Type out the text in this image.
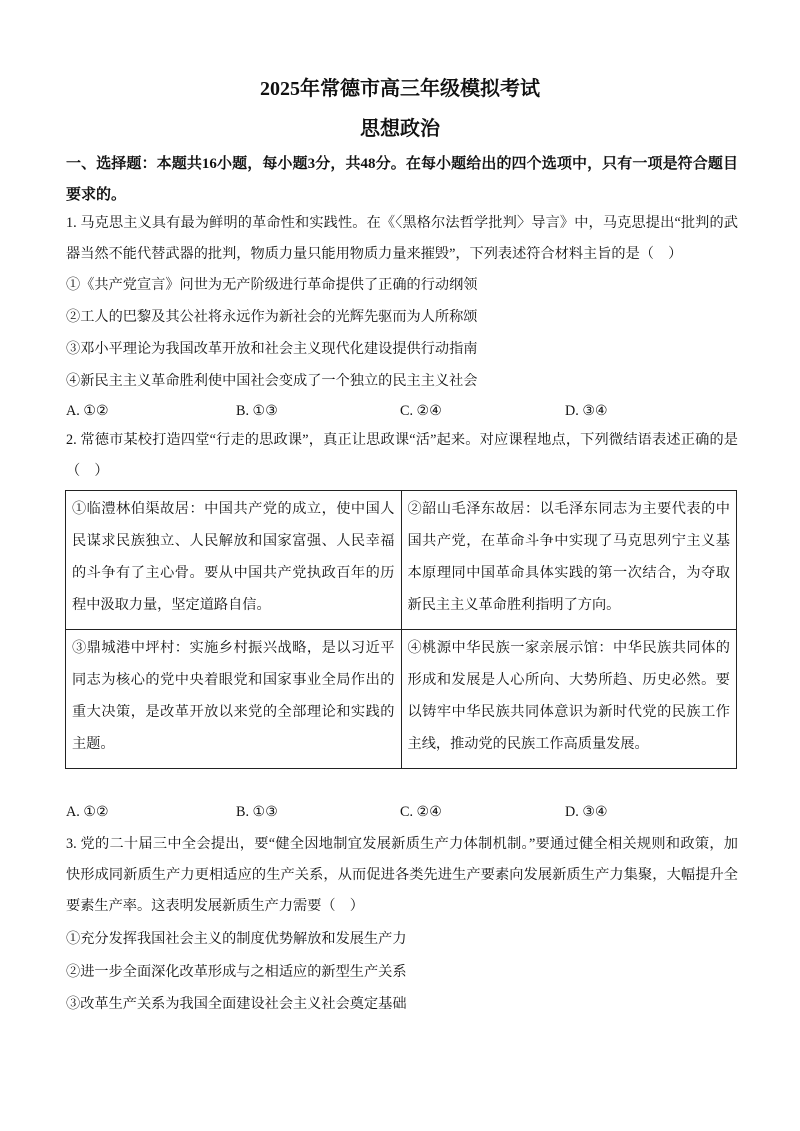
2025年常德市高三年级模拟考试
思想政治
一、选择题：本题共16小题，每小题3分，共48分。在每小题给出的四个选项中，只有一项是符合题目要求的。
1. 马克思主义具有最为鲜明的革命性和实践性。在《〈黑格尔法哲学批判〉导言》中，马克思提出“批判的武器当然不能代替武器的批判，物质力量只能用物质力量来摧毁”，下列表述符合材料主旨的是（　）
①《共产党宣言》问世为无产阶级进行革命提供了正确的行动纲领
②工人的巴黎及其公社将永远作为新社会的光辉先驱而为人所称颂
③邓小平理论为我国改革开放和社会主义现代化建设提供行动指南
④新民主主义革命胜利使中国社会变成了一个独立的民主主义社会
A. ①②	B. ①③	C. ②④	D. ③④
2. 常德市某校打造四堂“行走的思政课”，真正让思政课“活”起来。对应课程地点，下列微结语表述正确的是（　）
①临澧林伯渠故居：中国共产党的成立，使中国人民谋求民族独立、人民解放和国家富强、人民幸福的斗争有了主心骨。要从中国共产党执政百年的历程中汲取力量，坚定道路自信。	②韶山毛泽东故居：以毛泽东同志为主要代表的中国共产党，在革命斗争中实现了马克思列宁主义基本原理同中国革命具体实践的第一次结合，为夺取新民主主义革命胜利指明了方向。
③鼎城港中坪村：实施乡村振兴战略，是以习近平同志为核心的党中央着眼党和国家事业全局作出的重大决策，是改革开放以来党的全部理论和实践的主题。	④桃源中华民族一家亲展示馆：中华民族共同体的形成和发展是人心所向、大势所趋、历史必然。要以铸牢中华民族共同体意识为新时代党的民族工作主线，推动党的民族工作高质量发展。
A. ①②	B. ①③	C. ②④	D. ③④
3. 党的二十届三中全会提出，要“健全因地制宜发展新质生产力体制机制。”要通过健全相关规则和政策，加快形成同新质生产力更相适应的生产关系，从而促进各类先进生产要素向发展新质生产力集聚，大幅提升全要素生产率。这表明发展新质生产力需要（　）
①充分发挥我国社会主义的制度优势解放和发展生产力
②进一步全面深化改革形成与之相适应的新型生产关系
③改革生产关系为我国全面建设社会主义社会奠定基础
